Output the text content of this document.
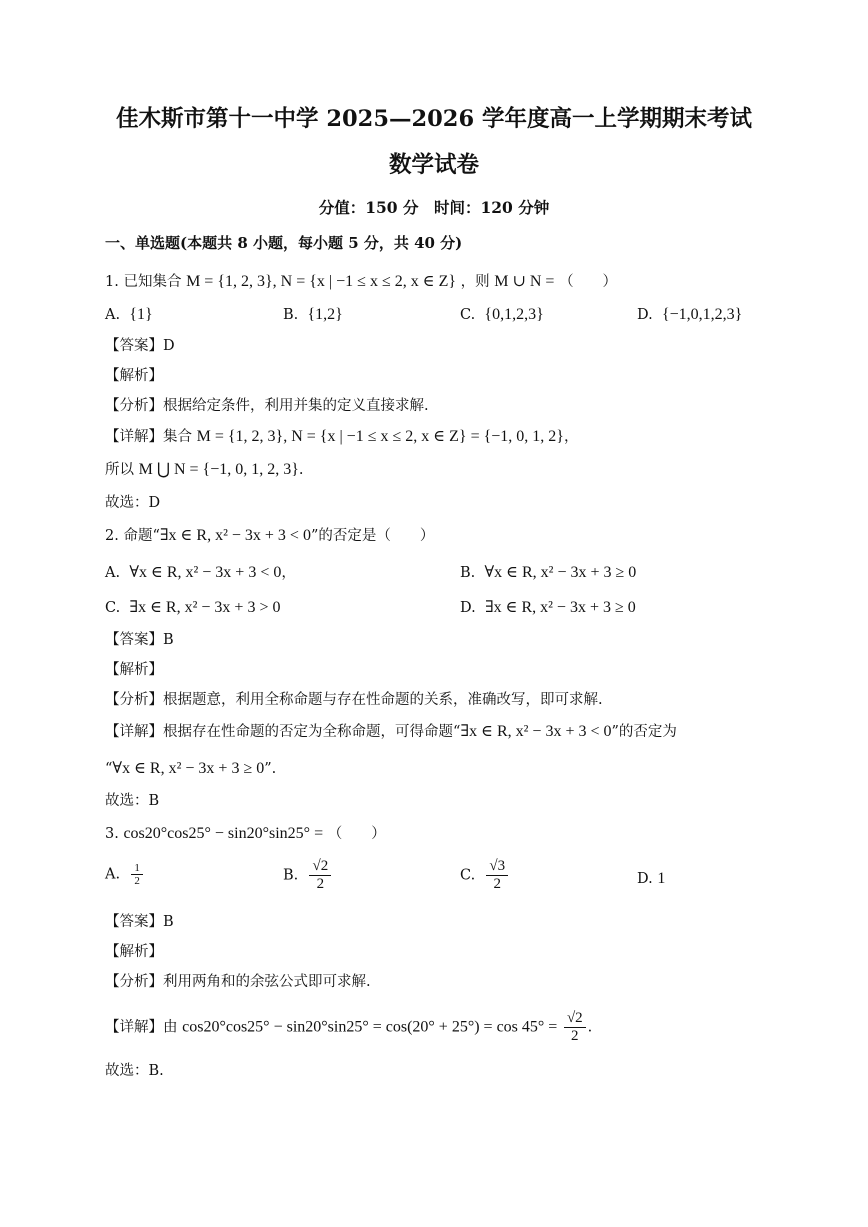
佳木斯市第十一中学 2025—2026 学年度高一上学期期末考试
数学试卷
分值：150 分　时间：120 分钟
一、单选题(本题共 8 小题，每小题 5 分，共 40 分)
1. 已知集合 M = {1, 2, 3}, N = {x | −1 ≤ x ≤ 2, x ∈ Z} ，则 M ∪ N = （　　）
A. {1}	B. {1,2}	C. {0,1,2,3}	D. {−1,0,1,2,3}
【答案】D
【解析】
【分析】根据给定条件，利用并集的定义直接求解.
【详解】集合 M = {1, 2, 3}, N = {x | −1 ≤ x ≤ 2, x ∈ Z} = {−1, 0, 1, 2}，
所以 M ⋃ N = {−1, 0, 1, 2, 3}.
故选：D
2. 命题“∃x ∈ R, x² − 3x + 3 < 0”的否定是（　　）
A. ∀x ∈ R, x² − 3x + 3 < 0，	B. ∀x ∈ R, x² − 3x + 3 ≥ 0
C. ∃x ∈ R, x² − 3x + 3 > 0	D. ∃x ∈ R, x² − 3x + 3 ≥ 0
【答案】B
【解析】
【分析】根据题意，利用全称命题与存在性命题的关系，准确改写，即可求解.
【详解】根据存在性命题的否定为全称命题，可得命题“∃x ∈ R, x² − 3x + 3 < 0”的否定为
“∀x ∈ R, x² − 3x + 3 ≥ 0”.
故选：B
3. cos20°cos25° − sin20°sin25° = （　　）
A. $\frac{1}{2}$	B. $\frac{√2}{2}$	C. $\frac{√3}{2}$	D. 1
【答案】B
【解析】
【分析】利用两角和的余弦公式即可求解.
【详解】由 $\cos 20^\circ\cos 25^\circ - \sin 20^\circ\sin 25^\circ = \cos(20^\circ + 25^\circ) = \cos 45^\circ = \frac{√2}{2}$ .
故选：B.
